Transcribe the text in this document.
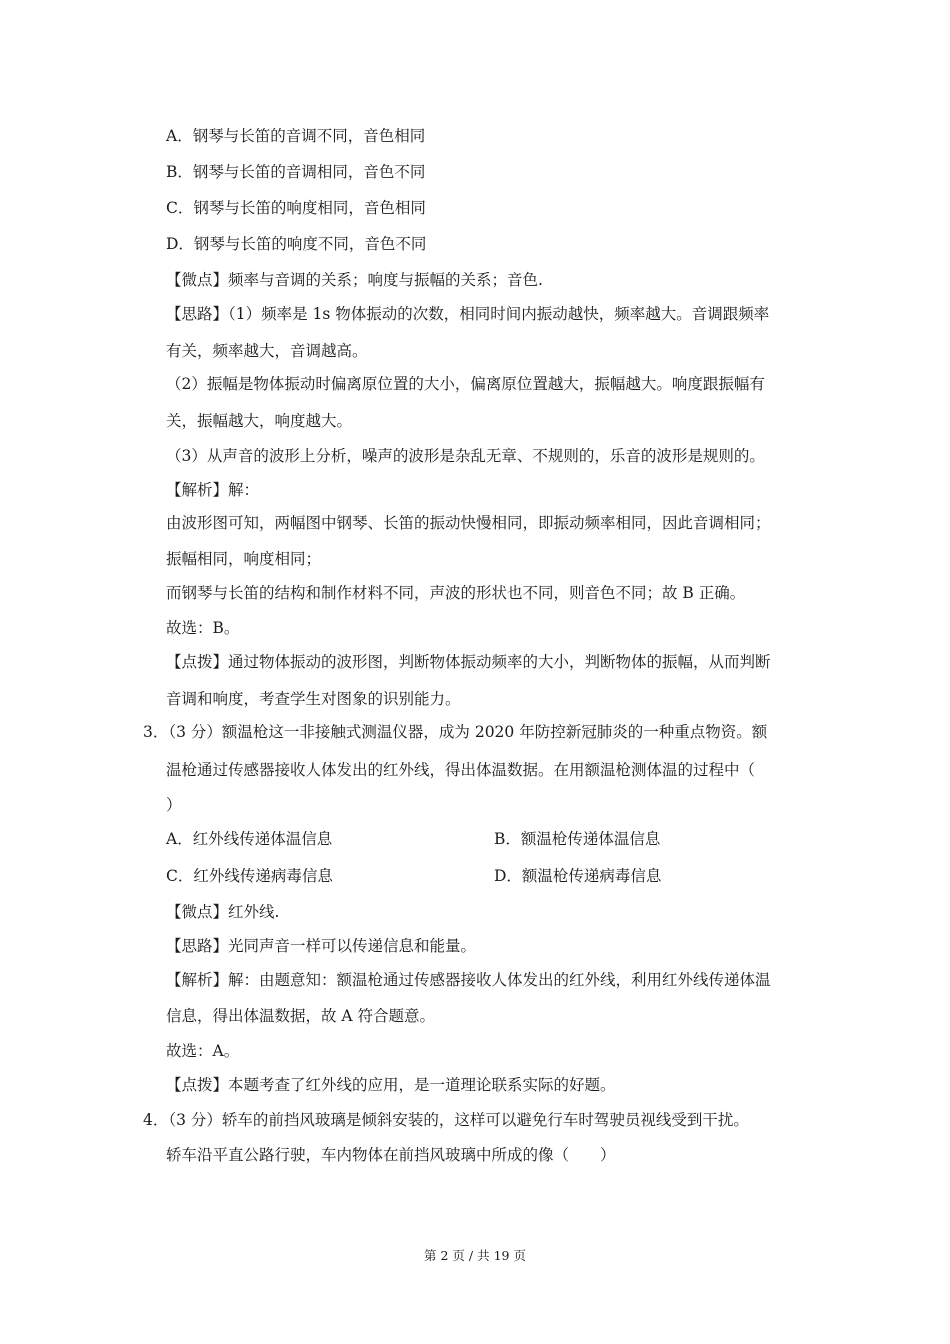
A．钢琴与长笛的音调不同，音色相同

B．钢琴与长笛的音调相同，音色不同

C．钢琴与长笛的响度相同，音色相同

D．钢琴与长笛的响度不同，音色不同

【微点】频率与音调的关系；响度与振幅的关系；音色.

【思路】（1）频率是 1s 物体振动的次数，相同时间内振动越快，频率越大。音调跟频率

有关，频率越大，音调越高。

（2）振幅是物体振动时偏离原位置的大小，偏离原位置越大，振幅越大。响度跟振幅有

关，振幅越大，响度越大。

（3）从声音的波形上分析，噪声的波形是杂乱无章、不规则的，乐音的波形是规则的。

【解析】解：

由波形图可知，两幅图中钢琴、长笛的振动快慢相同，即振动频率相同，因此音调相同；

振幅相同，响度相同；

而钢琴与长笛的结构和制作材料不同，声波的形状也不同，则音色不同；故 B 正确。

故选：B。

【点拨】通过物体振动的波形图，判断物体振动频率的大小，判断物体的振幅，从而判断

音调和响度，考查学生对图象的识别能力。

3．（3 分）额温枪这一非接触式测温仪器，成为 2020 年防控新冠肺炎的一种重点物资。额

温枪通过传感器接收人体发出的红外线，得出体温数据。在用额温枪测体温的过程中（

）

A．红外线传递体温信息	B．额温枪传递体温信息

C．红外线传递病毒信息	D．额温枪传递病毒信息

【微点】红外线.

【思路】光同声音一样可以传递信息和能量。

【解析】解：由题意知：额温枪通过传感器接收人体发出的红外线，利用红外线传递体温

信息，得出体温数据，故 A 符合题意。

故选：A。

【点拨】本题考查了红外线的应用，是一道理论联系实际的好题。

4．（3 分）轿车的前挡风玻璃是倾斜安装的，这样可以避免行车时驾驶员视线受到干扰。

轿车沿平直公路行驶，车内物体在前挡风玻璃中所成的像（　　）

第 2 页 / 共 19 页
